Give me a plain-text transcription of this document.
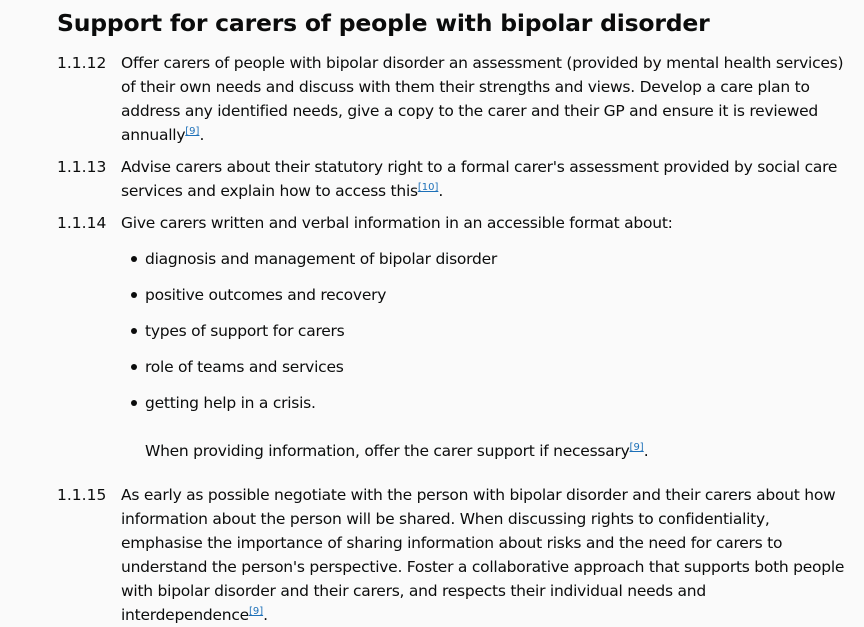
Support for carers of people with bipolar disorder
1.1.12 Offer carers of people with bipolar disorder an assessment (provided by mental health services) of their own needs and discuss with them their strengths and views. Develop a care plan to address any identified needs, give a copy to the carer and their GP and ensure it is reviewed annually[9].

1.1.13 Advise carers about their statutory right to a formal carer's assessment provided by social care services and explain how to access this[10].

1.1.14 Give carers written and verbal information in an accessible format about:

diagnosis and management of bipolar disorder
positive outcomes and recovery
types of support for carers
role of teams and services
getting help in a crisis.

When providing information, offer the carer support if necessary[9].

1.1.15 As early as possible negotiate with the person with bipolar disorder and their carers about how information about the person will be shared. When discussing rights to confidentiality, emphasise the importance of sharing information about risks and the need for carers to understand the person's perspective. Foster a collaborative approach that supports both people with bipolar disorder and their carers, and respects their individual needs and interdependence[9].
